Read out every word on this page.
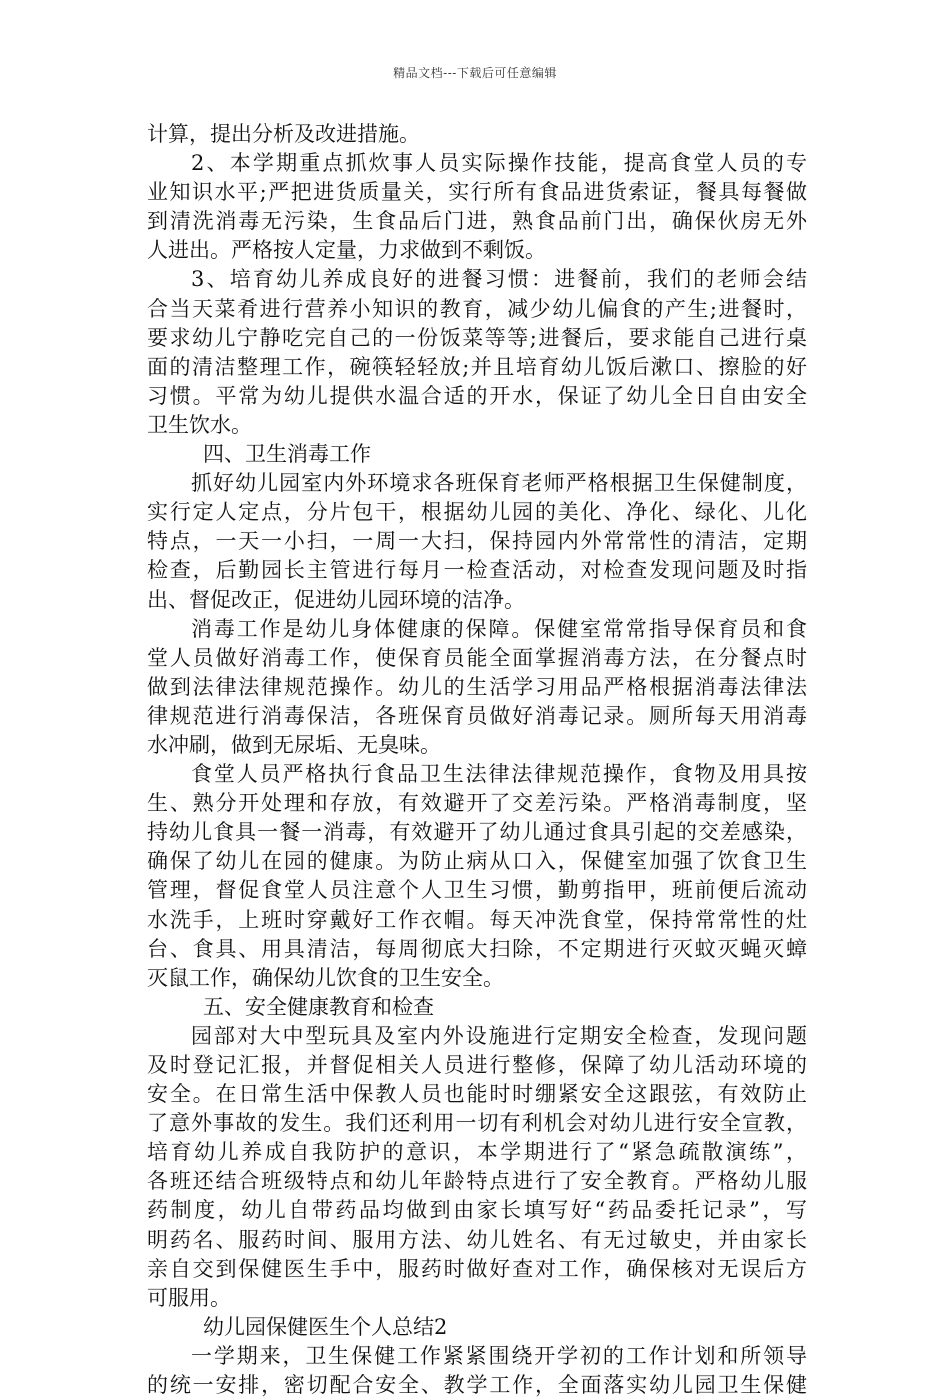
精品文档---下载后可任意编辑
计算，提出分析及改进措施。
2、本学期重点抓炊事人员实际操作技能，提高食堂人员的专
业知识水平;严把进货质量关，实行所有食品进货索证，餐具每餐做
到清洗消毒无污染，生食品后门进，熟食品前门出，确保伙房无外
人进出。严格按人定量，力求做到不剩饭。
3、培育幼儿养成良好的进餐习惯：进餐前，我们的老师会结
合当天菜肴进行营养小知识的教育，减少幼儿偏食的产生;进餐时，
要求幼儿宁静吃完自己的一份饭菜等等;进餐后，要求能自己进行桌
面的清洁整理工作，碗筷轻轻放;并且培育幼儿饭后漱口、擦脸的好
习惯。平常为幼儿提供水温合适的开水，保证了幼儿全日自由安全
卫生饮水。
四、卫生消毒工作
抓好幼儿园室内外环境求各班保育老师严格根据卫生保健制度，
实行定人定点，分片包干，根据幼儿园的美化、净化、绿化、儿化
特点，一天一小扫，一周一大扫，保持园内外常常性的清洁，定期
检查，后勤园长主管进行每月一检查活动，对检查发现问题及时指
出、督促改正，促进幼儿园环境的洁净。
消毒工作是幼儿身体健康的保障。保健室常常指导保育员和食
堂人员做好消毒工作，使保育员能全面掌握消毒方法，在分餐点时
做到法律法律规范操作。幼儿的生活学习用品严格根据消毒法律法
律规范进行消毒保洁，各班保育员做好消毒记录。厕所每天用消毒
水冲刷，做到无尿垢、无臭味。
食堂人员严格执行食品卫生法律法律规范操作，食物及用具按
生、熟分开处理和存放，有效避开了交差污染。严格消毒制度，坚
持幼儿食具一餐一消毒，有效避开了幼儿通过食具引起的交差感染，
确保了幼儿在园的健康。为防止病从口入，保健室加强了饮食卫生
管理，督促食堂人员注意个人卫生习惯，勤剪指甲，班前便后流动
水洗手，上班时穿戴好工作衣帽。每天冲洗食堂，保持常常性的灶
台、食具、用具清洁，每周彻底大扫除，不定期进行灭蚊灭蝇灭蟑
灭鼠工作，确保幼儿饮食的卫生安全。
五、安全健康教育和检查
园部对大中型玩具及室内外设施进行定期安全检查，发现问题
及时登记汇报，并督促相关人员进行整修，保障了幼儿活动环境的
安全。在日常生活中保教人员也能时时绷紧安全这跟弦，有效防止
了意外事故的发生。我们还利用一切有利机会对幼儿进行安全宣教，
培育幼儿养成自我防护的意识，本学期进行了“紧急疏散演练”，
各班还结合班级特点和幼儿年龄特点进行了安全教育。严格幼儿服
药制度，幼儿自带药品均做到由家长填写好“药品委托记录”，写
明药名、服药时间、服用方法、幼儿姓名、有无过敏史，并由家长
亲自交到保健医生手中，服药时做好查对工作，确保核对无误后方
可服用。
幼儿园保健医生个人总结2
一学期来，卫生保健工作紧紧围绕开学初的工作计划和所领导
的统一安排，密切配合安全、教学工作，全面落实幼儿园卫生保健
